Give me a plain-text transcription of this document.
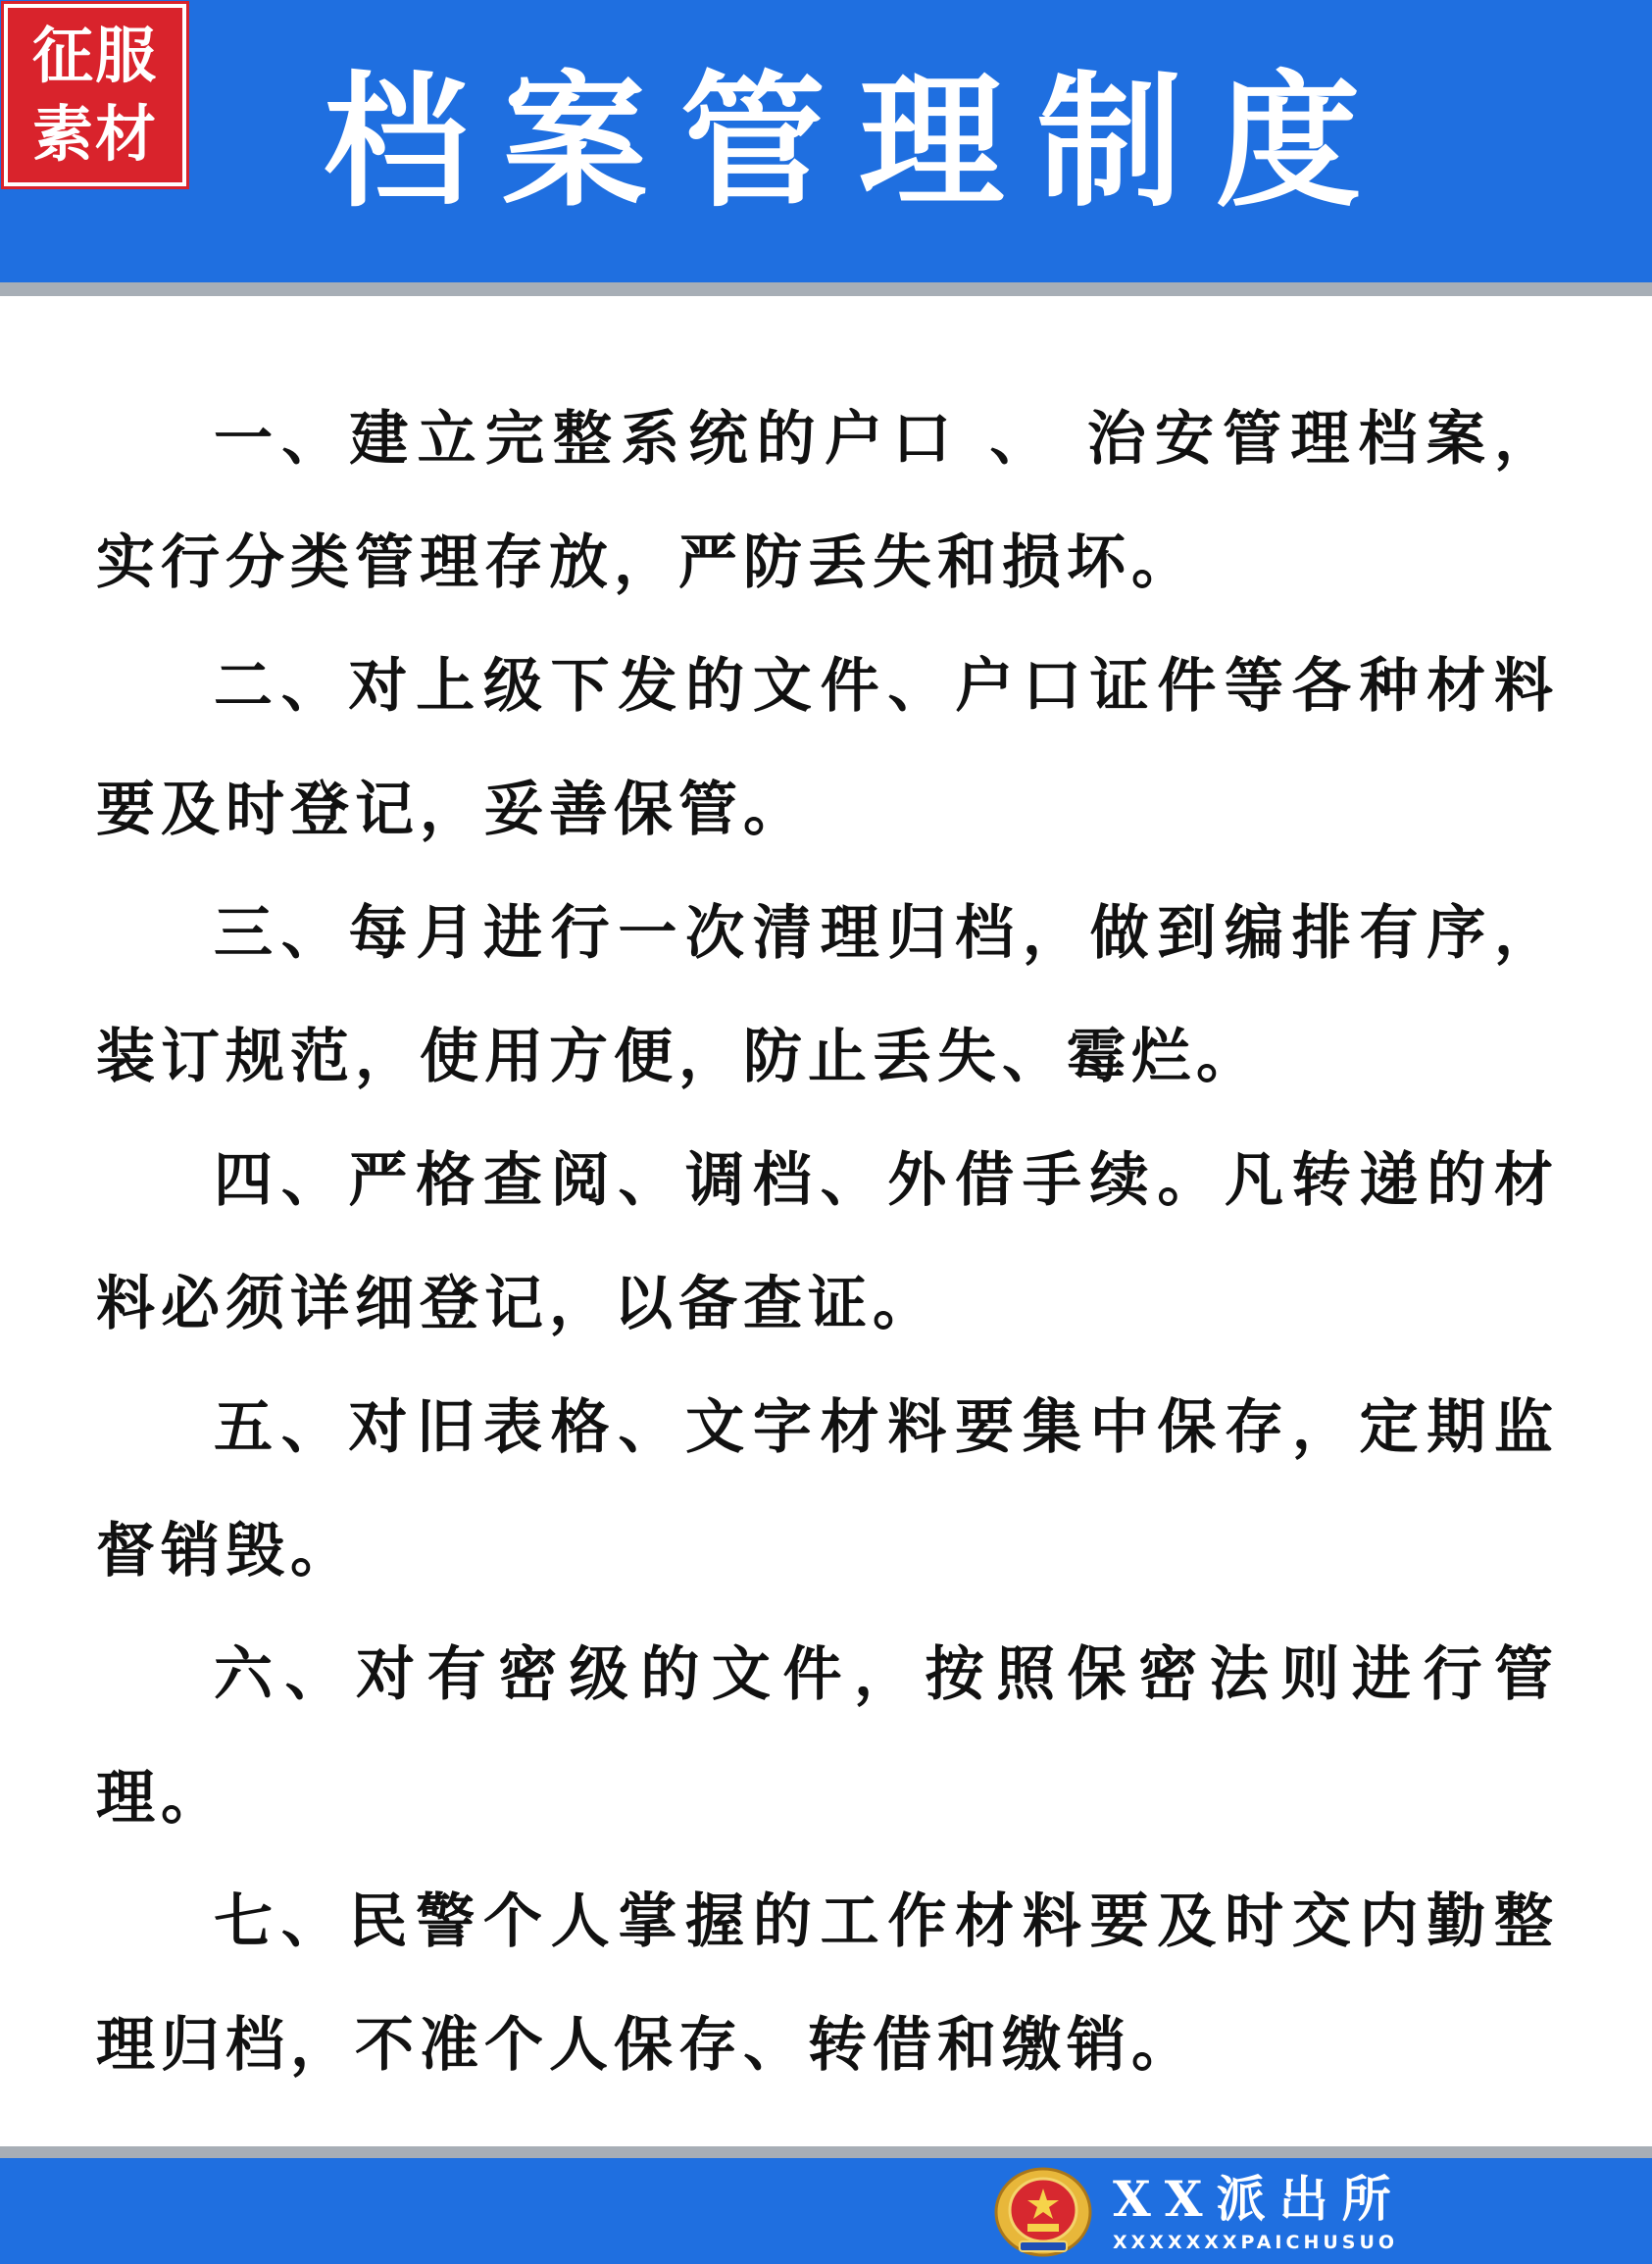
征服
素材 档案管理制度

一、建立完整系统的户口 、 治安管理档案，实行分类管理存放，严防丢失和损坏。

二、对上级下发的文件、户口证件等各种材料要及时登记，妥善保管。

三、每月进行一次清理归档，做到编排有序，装订规范，使用方便，防止丢失、霉烂。

四、严格查阅、调档、外借手续。凡转递的材料必须详细登记，以备查证。

五、对旧表格、文字材料要集中保存，定期监督销毁。

六、对有密级的文件，按照保密法则进行管理。

七、民警个人掌握的工作材料要及时交内勤整理归档，不准个人保存、转借和缴销。

XX派出所
XXXXXXXPAICHUSUO
